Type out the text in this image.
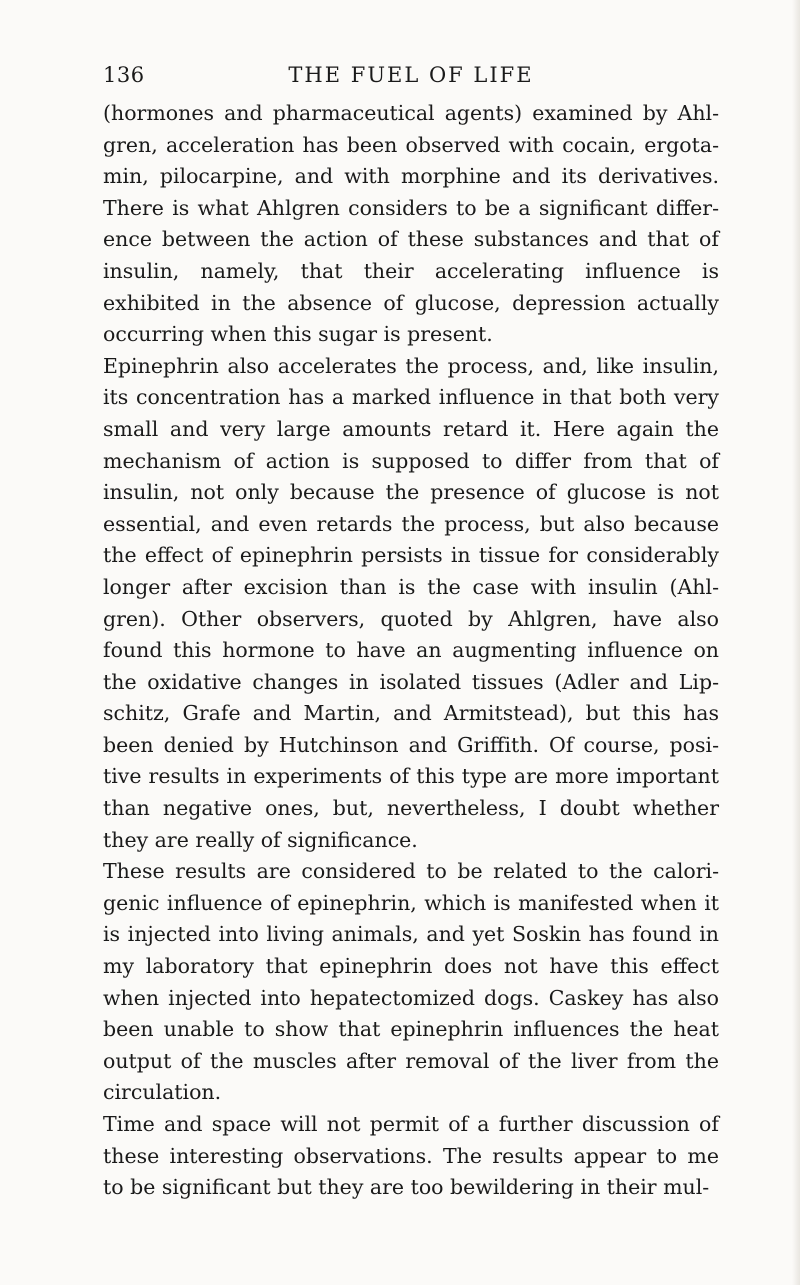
136	THE FUEL OF LIFE

(hormones and pharmaceutical agents) examined by Ahl-gren, acceleration has been observed with cocain, ergota-min, pilocarpine, and with morphine and its derivatives. There is what Ahlgren considers to be a significant differ-ence between the action of these substances and that of insulin, namely, that their accelerating influence is exhibited in the absence of glucose, depression actually occurring when this sugar is present.

Epinephrin also accelerates the process, and, like insulin, its concentration has a marked influence in that both very small and very large amounts retard it. Here again the mechanism of action is supposed to differ from that of insulin, not only because the presence of glucose is not essential, and even retards the process, but also because the effect of epinephrin persists in tissue for considerably longer after excision than is the case with insulin (Ahl-gren). Other observers, quoted by Ahlgren, have also found this hormone to have an augmenting influence on the oxidative changes in isolated tissues (Adler and Lip-schitz, Grafe and Martin, and Armitstead), but this has been denied by Hutchinson and Griffith. Of course, posi-tive results in experiments of this type are more important than negative ones, but, nevertheless, I doubt whether they are really of significance.

These results are considered to be related to the calori-genic influence of epinephrin, which is manifested when it is injected into living animals, and yet Soskin has found in my laboratory that epinephrin does not have this effect when injected into hepatectomized dogs. Caskey has also been unable to show that epinephrin influences the heat output of the muscles after removal of the liver from the circulation.

Time and space will not permit of a further discussion of these interesting observations. The results appear to me to be significant but they are too bewildering in their mul-
